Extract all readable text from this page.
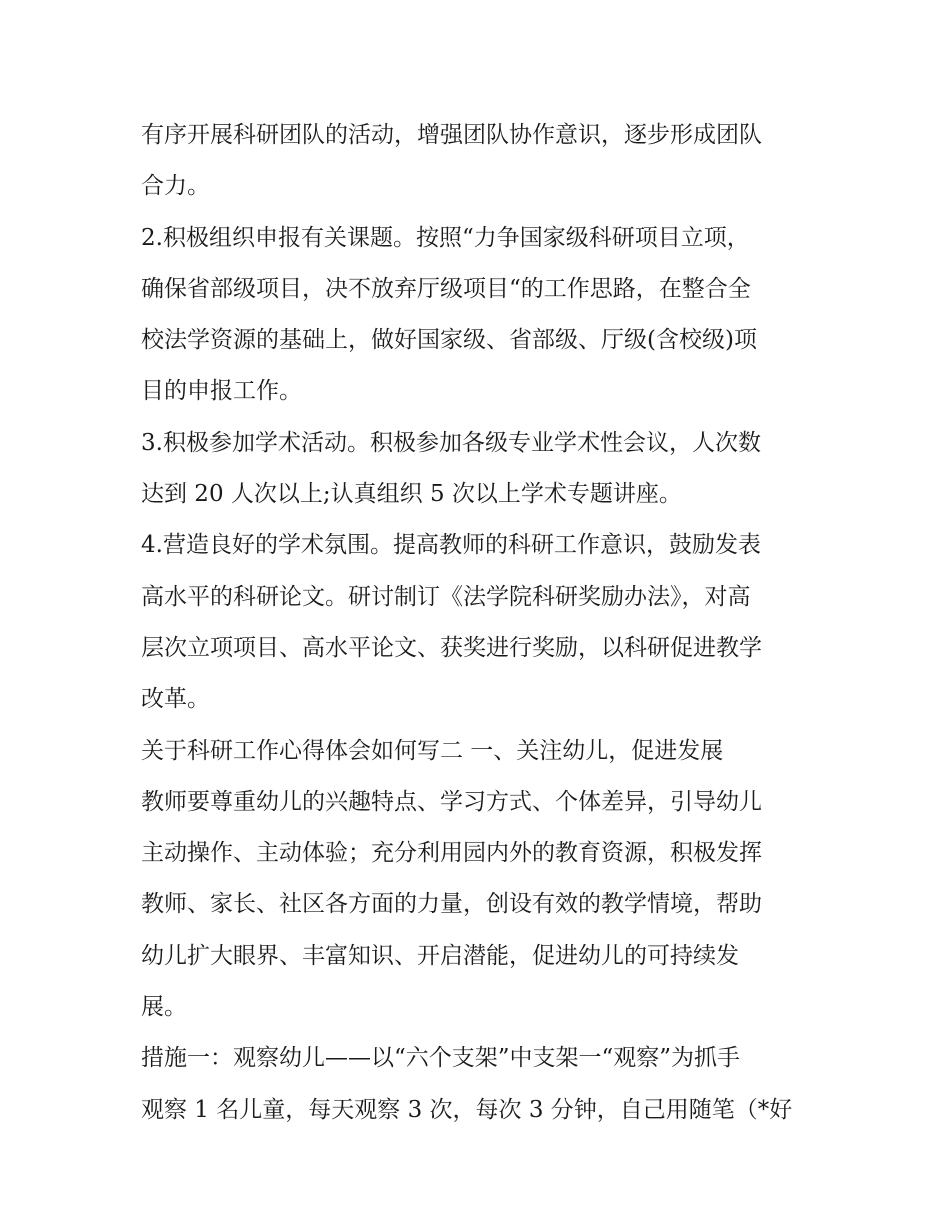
有序开展科研团队的活动，增强团队协作意识，逐步形成团队
合力。
2.积极组织申报有关课题。按照“力争国家级科研项目立项，
确保省部级项目，决不放弃厅级项目“的工作思路，在整合全
校法学资源的基础上，做好国家级、省部级、厅级(含校级)项
目的申报工作。
3.积极参加学术活动。积极参加各级专业学术性会议，人次数
达到 20 人次以上;认真组织 5 次以上学术专题讲座。
4.营造良好的学术氛围。提高教师的科研工作意识，鼓励发表
高水平的科研论文。研讨制订《法学院科研奖励办法》，对高
层次立项项目、高水平论文、获奖进行奖励，以科研促进教学
改革。
关于科研工作心得体会如何写二 一、关注幼儿，促进发展
教师要尊重幼儿的兴趣特点、学习方式、个体差异，引导幼儿
主动操作、主动体验；充分利用园内外的教育资源，积极发挥
教师、家长、社区各方面的力量，创设有效的教学情境，帮助
幼儿扩大眼界、丰富知识、开启潜能，促进幼儿的可持续发
展。
措施一：观察幼儿——以“六个支架”中支架一“观察”为抓手
观察 1 名儿童，每天观察 3 次，每次 3 分钟，自己用随笔（*好
